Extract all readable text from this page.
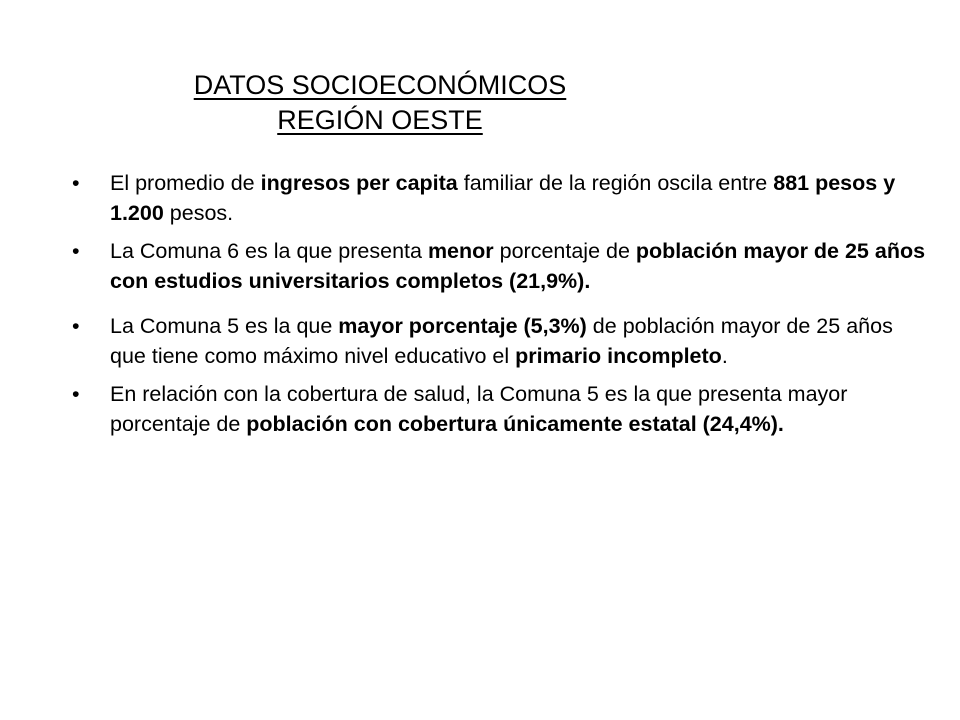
DATOS SOCIOECONÓMICOS
REGIÓN OESTE
• El promedio de ingresos per capita familiar de la región oscila entre 881 pesos y 1.200 pesos.
• La Comuna 6 es la que presenta menor porcentaje de población mayor de 25 años con estudios universitarios completos (21,9%).
• La Comuna 5 es la que mayor porcentaje (5,3%) de población mayor de 25 años que tiene como máximo nivel educativo el primario incompleto.
• En relación con la cobertura de salud, la Comuna 5 es la que presenta mayor porcentaje de población con cobertura únicamente estatal (24,4%).
